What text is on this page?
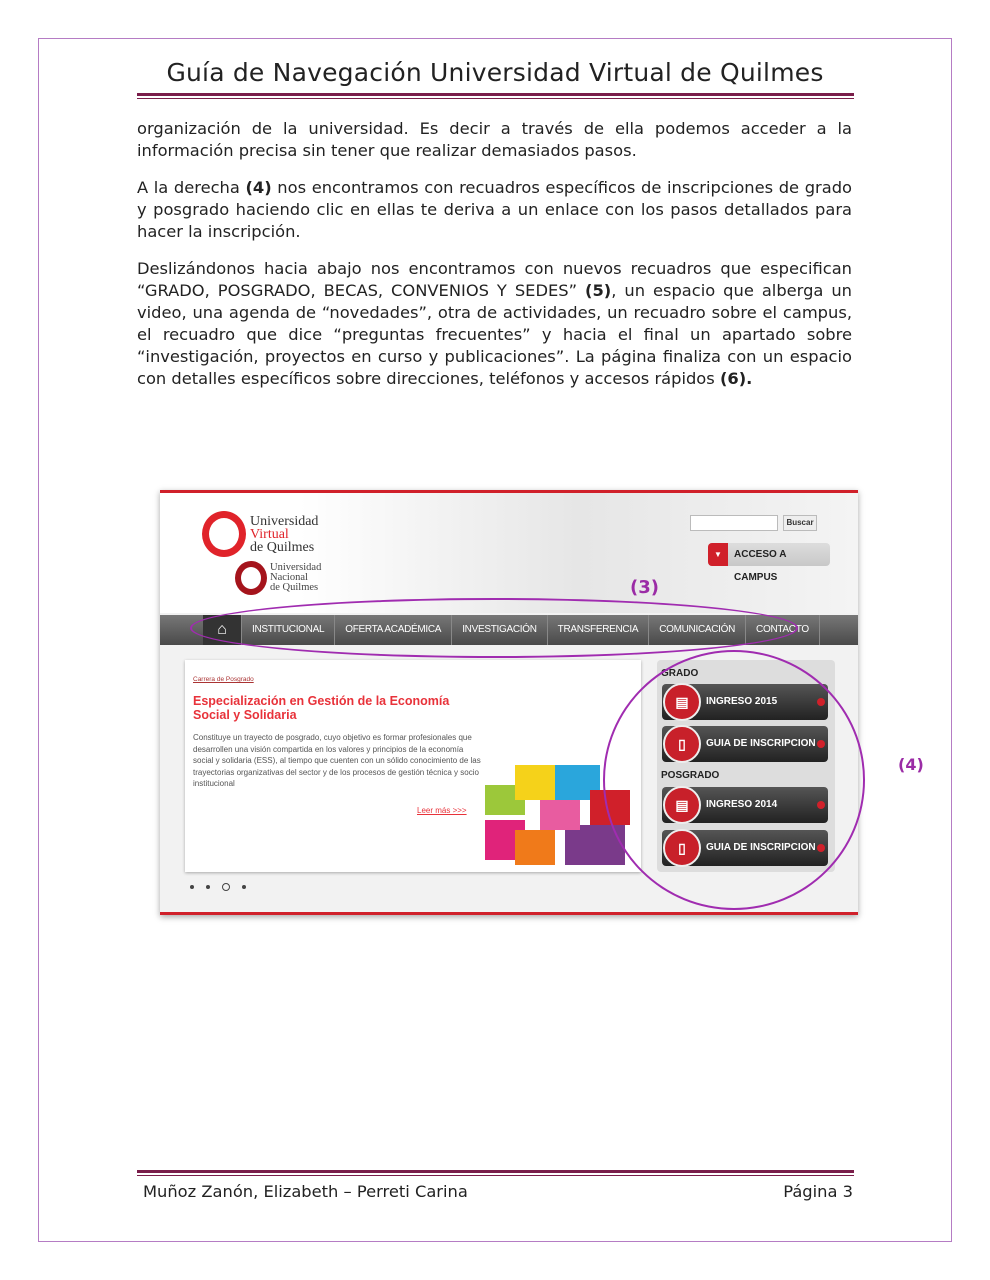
Guía de Navegación Universidad Virtual de Quilmes

organización de la universidad. Es decir a través de ella podemos acceder a la información precisa sin tener que realizar demasiados pasos.

A la derecha (4) nos encontramos con recuadros específicos de inscripciones de grado y posgrado haciendo clic en ellas te deriva a un enlace con los pasos detallados para hacer la inscripción.

Deslizándonos hacia abajo nos encontramos con nuevos recuadros que especifican “GRADO, POSGRADO, BECAS, CONVENIOS Y SEDES” (5), un espacio que alberga un video, una agenda de “novedades”, otra de actividades, un recuadro sobre el campus, el recuadro que dice “preguntas frecuentes” y hacia el final un apartado sobre “investigación, proyectos en curso y publicaciones”. La página finaliza con un espacio con detalles específicos sobre direcciones, teléfonos y accesos rápidos (6).

Universidad
Virtual
de Quilmes
Universidad
Nacional
de Quilmes
Buscar
▼	ACCESO A CAMPUS
(3)
⌂	INSTITUCIONAL	OFERTA ACADÉMICA	INVESTIGACIÓN	TRANSFERENCIA	COMUNICACIÓN	CONTACTO
Carrera de Posgrado
Especialización en Gestión de la Economía Social y Solidaria
Constituye un trayecto de posgrado, cuyo objetivo es formar profesionales que desarrollen una visión compartida en los valores y principios de la economía social y solidaria (ESS), al tiempo que cuenten con un sólido conocimiento de las trayectorias organizativas del sector y de los procesos de gestión técnica y socio institucional
Leer más >>>
GRADO
▤	INGRESO 2015
▯	GUIA DE INSCRIPCION
POSGRADO
▤	INGRESO 2014
▯	GUIA DE INSCRIPCION
(4)
Muñoz Zanón, Elizabeth – Perreti Carina	Página 3
